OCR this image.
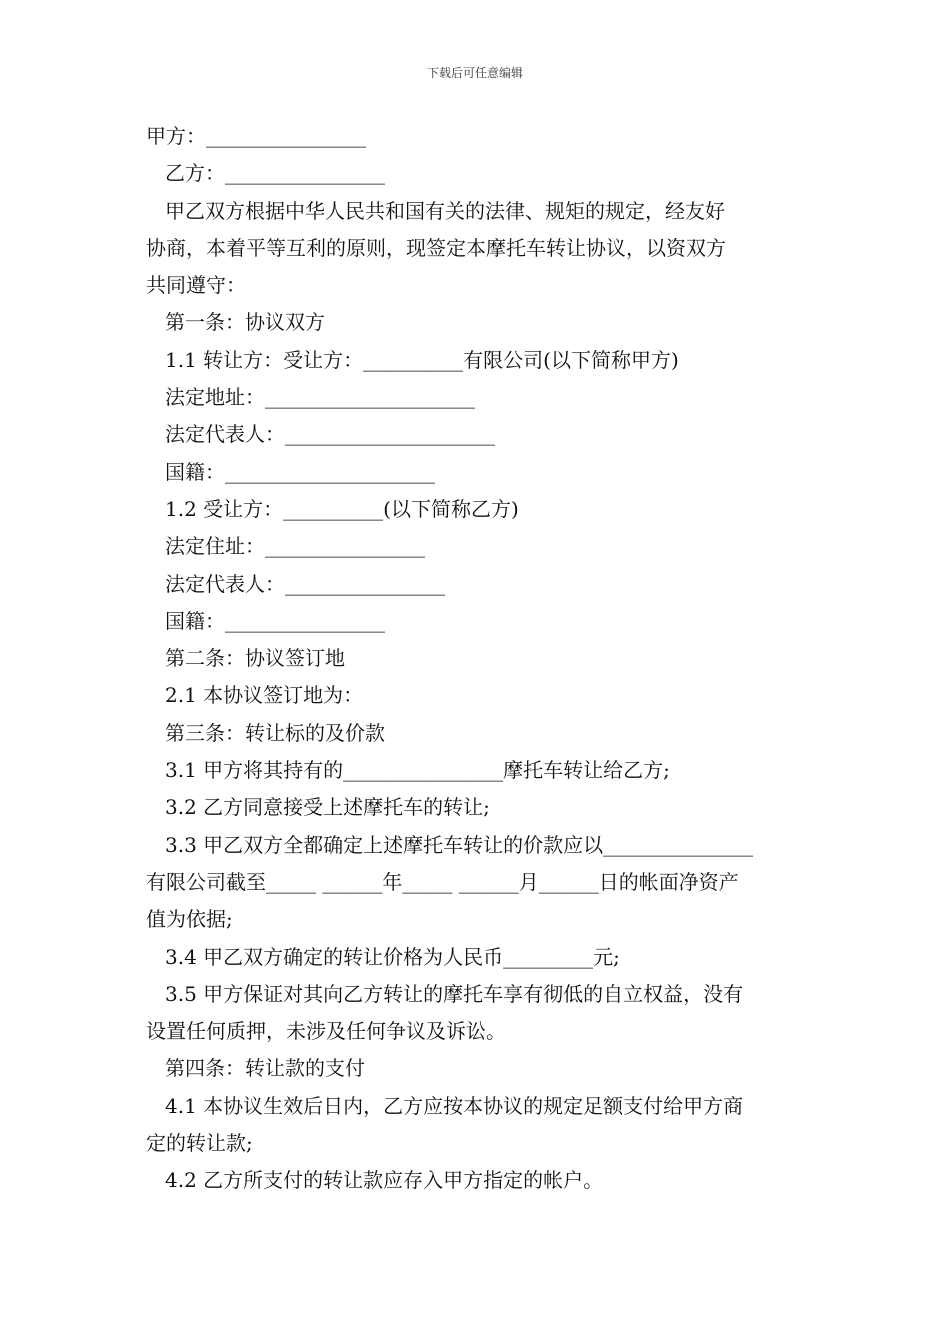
下载后可任意编辑
甲方：________________
乙方：________________
甲乙双方根据中华人民共和国有关的法律、规矩的规定，经友好
协商，本着平等互利的原则，现签定本摩托车转让协议，以资双方
共同遵守：
第一条：协议双方
1.1 转让方：受让方：__________有限公司(以下简称甲方)
法定地址：_____________________
法定代表人：_____________________
国籍：_____________________
1.2 受让方：__________(以下简称乙方)
法定住址：________________
法定代表人：________________
国籍：________________
第二条：协议签订地
2.1 本协议签订地为：
第三条：转让标的及价款
3.1 甲方将其持有的________________摩托车转让给乙方;
3.2 乙方同意接受上述摩托车的转让;
3.3 甲乙双方全都确定上述摩托车转让的价款应以_______________
有限公司截至_____ ______年_____ ______月______日的帐面净资产
值为依据;
3.4 甲乙双方确定的转让价格为人民币_________元;
3.5 甲方保证对其向乙方转让的摩托车享有彻低的自立权益，没有
设置任何质押，未涉及任何争议及诉讼。
第四条：转让款的支付
4.1 本协议生效后日内，乙方应按本协议的规定足额支付给甲方商
定的转让款;
4.2 乙方所支付的转让款应存入甲方指定的帐户。
